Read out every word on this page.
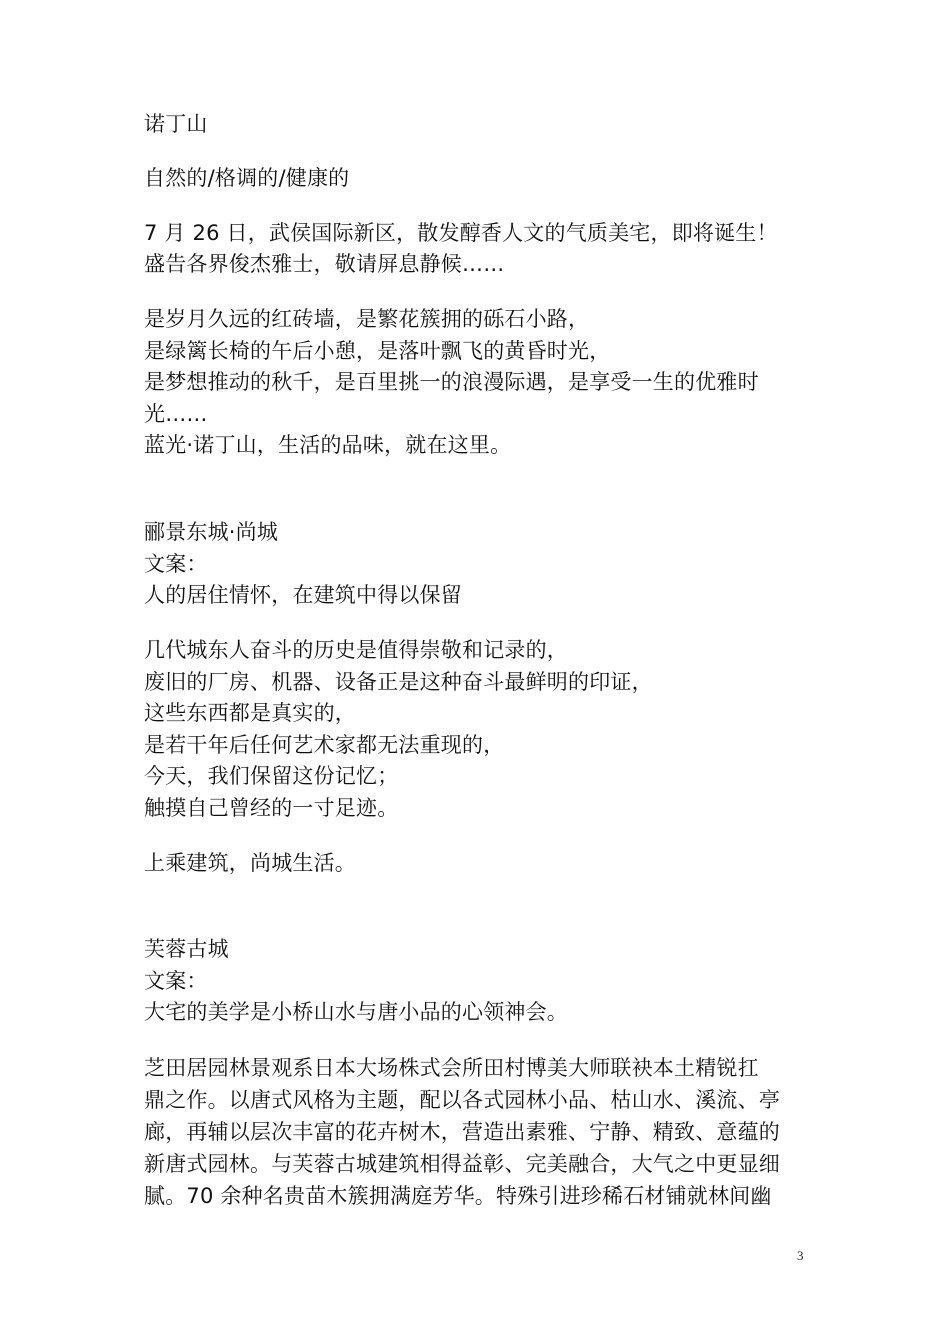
诺丁山
自然的/格调的/健康的
7 月 26 日，武侯国际新区，散发醇香人文的气质美宅，即将诞生！
盛告各界俊杰雅士，敬请屏息静候……
是岁月久远的红砖墙，是繁花簇拥的砾石小路，
是绿篱长椅的午后小憩，是落叶飘飞的黄昏时光，
是梦想推动的秋千，是百里挑一的浪漫际遇，是享受一生的优雅时
光……
蓝光·诺丁山，生活的品味，就在这里。
郦景东城·尚城
文案：
人的居住情怀，在建筑中得以保留
几代城东人奋斗的历史是值得崇敬和记录的，
废旧的厂房、机器、设备正是这种奋斗最鲜明的印证，
这些东西都是真实的，
是若干年后任何艺术家都无法重现的，
今天，我们保留这份记忆；
触摸自己曾经的一寸足迹。
上乘建筑，尚城生活。
芙蓉古城
文案：
大宅的美学是小桥山水与唐小品的心领神会。
芝田居园林景观系日本大场株式会所田村博美大师联袂本土精锐扛
鼎之作。以唐式风格为主题，配以各式园林小品、枯山水、溪流、亭
廊，再辅以层次丰富的花卉树木，营造出素雅、宁静、精致、意蕴的
新唐式园林。与芙蓉古城建筑相得益彰、完美融合，大气之中更显细
腻。70 余种名贵苗木簇拥满庭芳华。特殊引进珍稀石材铺就林间幽
3
